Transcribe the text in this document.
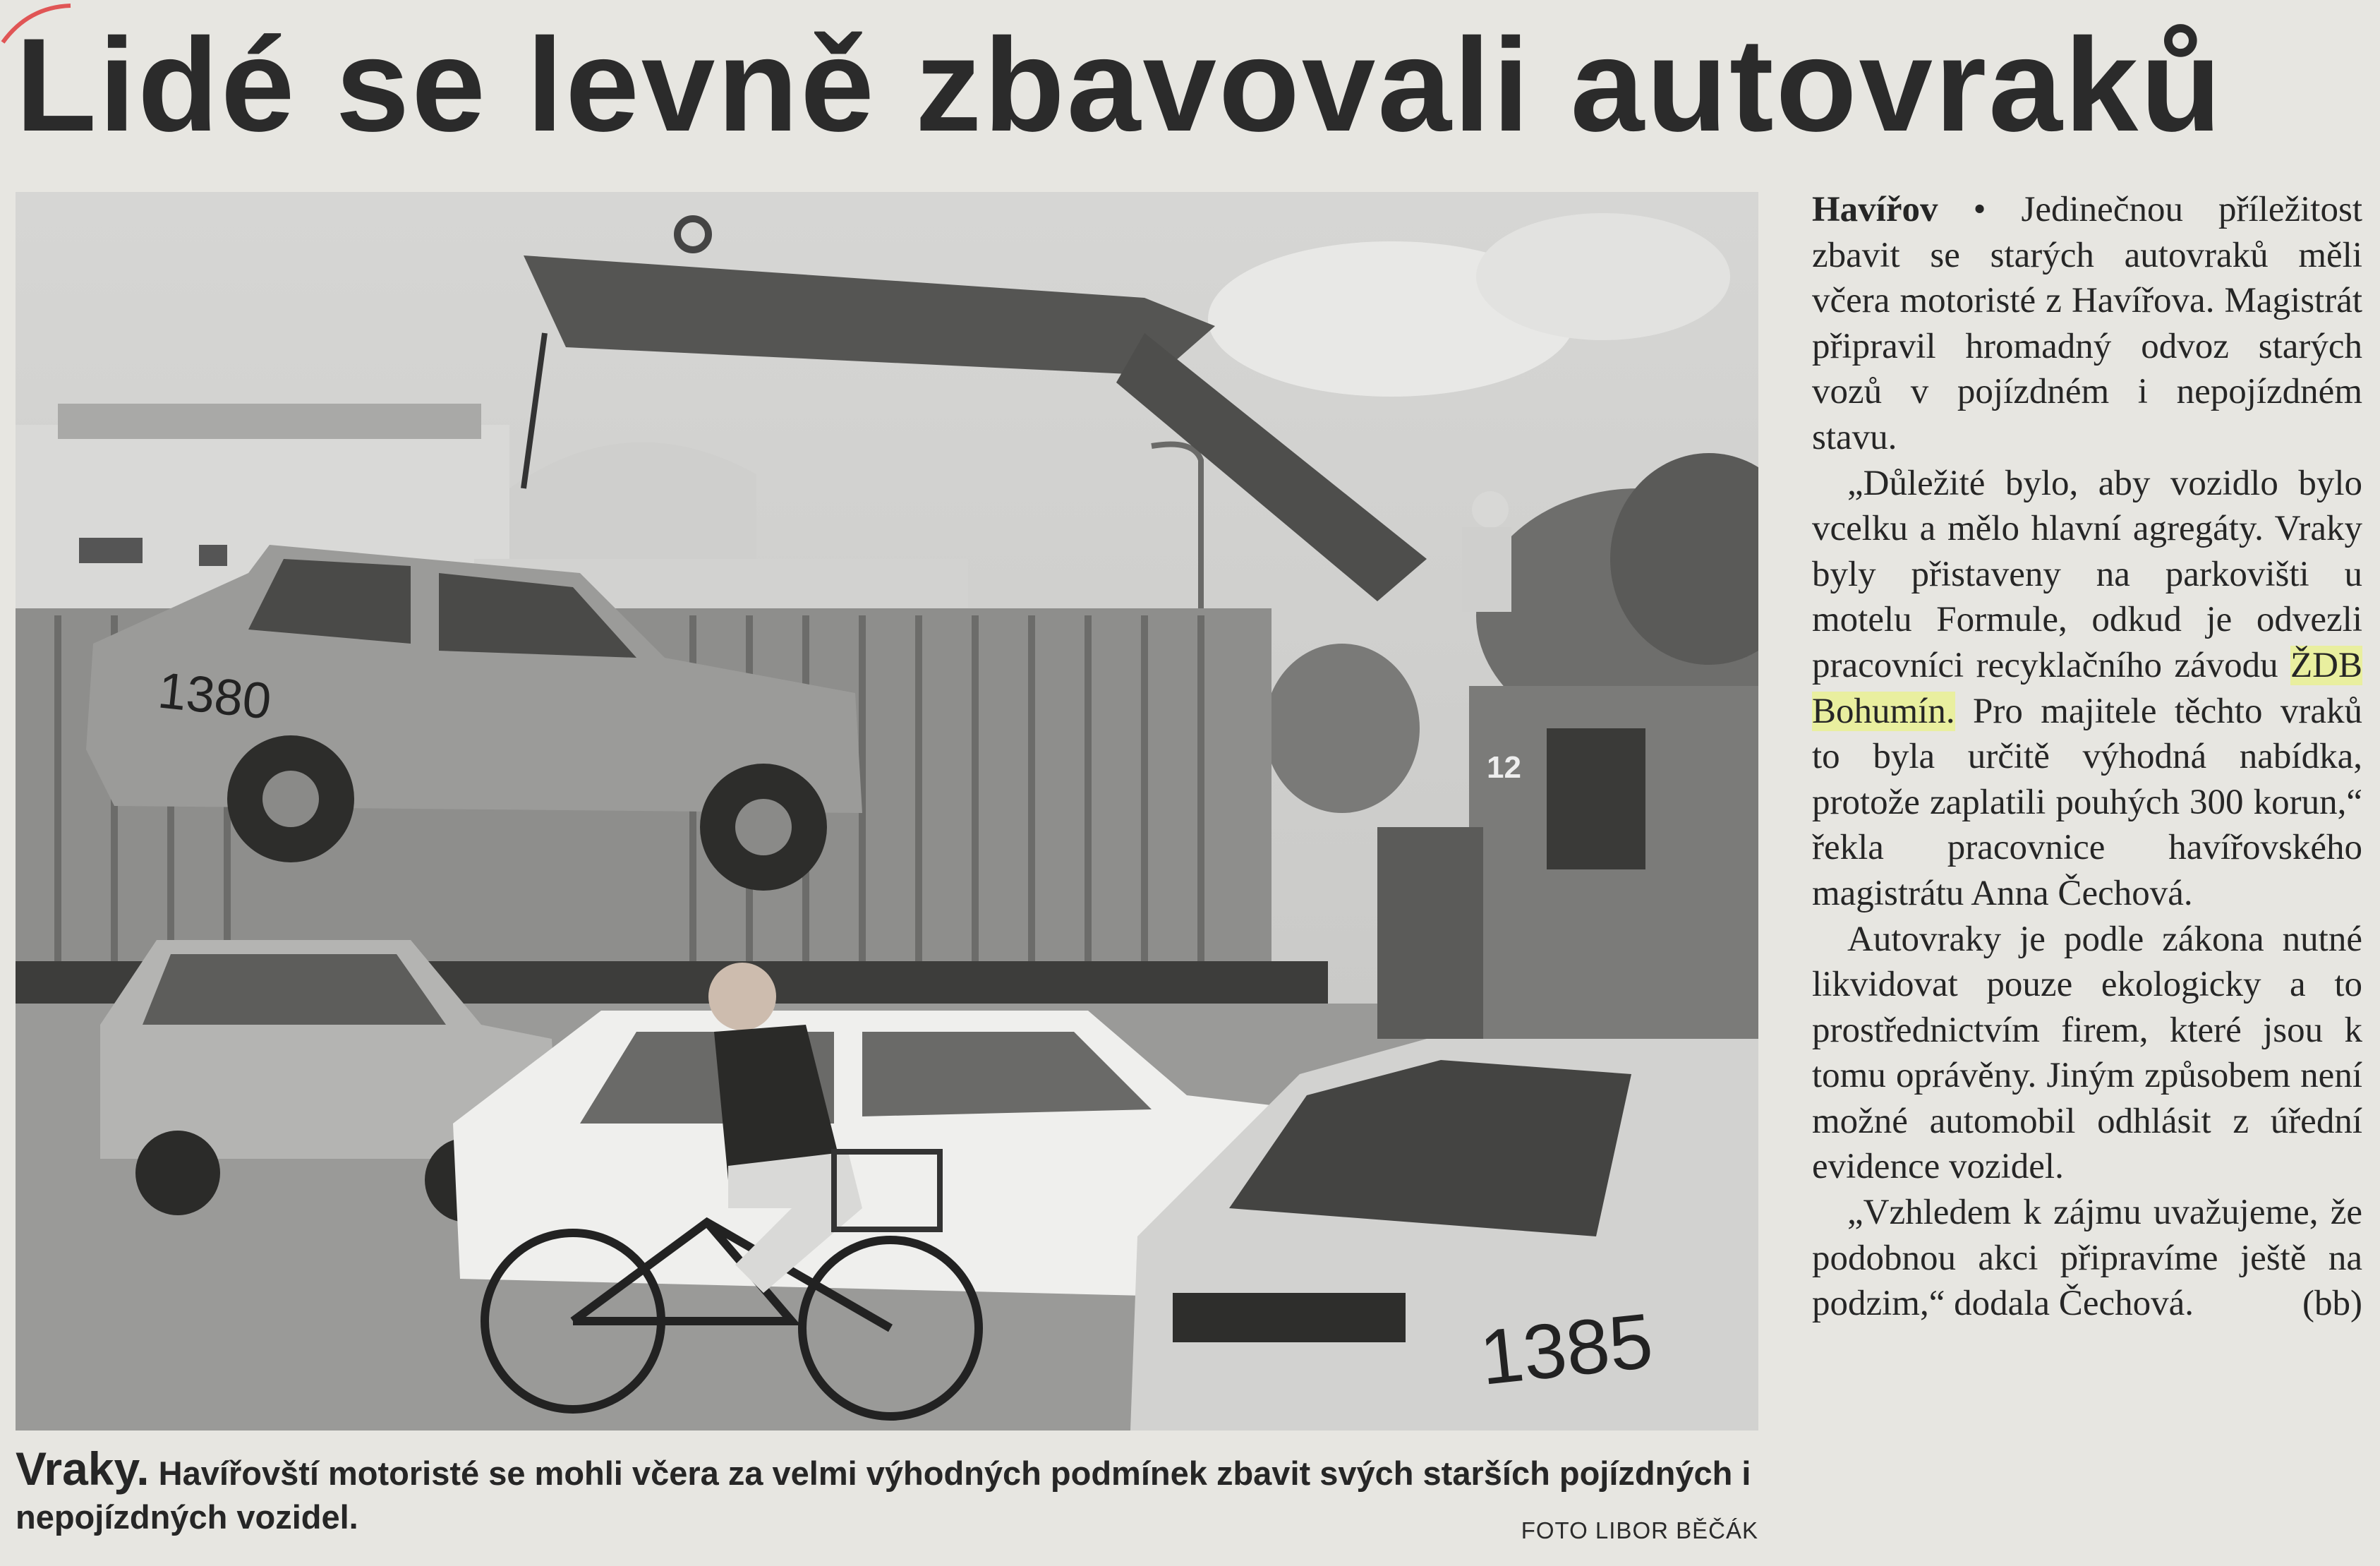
Lidé se levně zbavovali autovraků
12
1380
1385
Vraky. Havířovští motoristé se mohli včera za velmi výhodných podmínek zbavit svých starších pojízdných i nepojízdných vozidel.	FOTO LIBOR BĚČÁK

Havířov • Jedinečnou příležitost zbavit se starých autovraků měli včera motoristé z Havířova. Magistrát připravil hromadný odvoz starých vozů v pojízdném i nepojízdném stavu.

„Důležité bylo, aby vozidlo bylo vcelku a mělo hlavní agregáty. Vraky byly přistaveny na parkovišti u motelu Formule, odkud je odvezli pracovníci recyklačního závodu ŽDB Bohumín. Pro majitele těchto vraků to byla určitě výhodná nabídka, protože zaplatili pouhých 300 korun,“ řekla pracovnice havířovského magistrátu Anna Čechová.

Autovraky je podle zákona nutné likvidovat pouze ekologicky a to prostřednictvím firem, které jsou k tomu oprávěny. Jiným způsobem není možné automobil odhlásit z úřední evidence vozidel.

„Vzhledem k zájmu uvažujeme, že podobnou akci připravíme ještě na podzim,“ dodala Čechová.	(bb)
